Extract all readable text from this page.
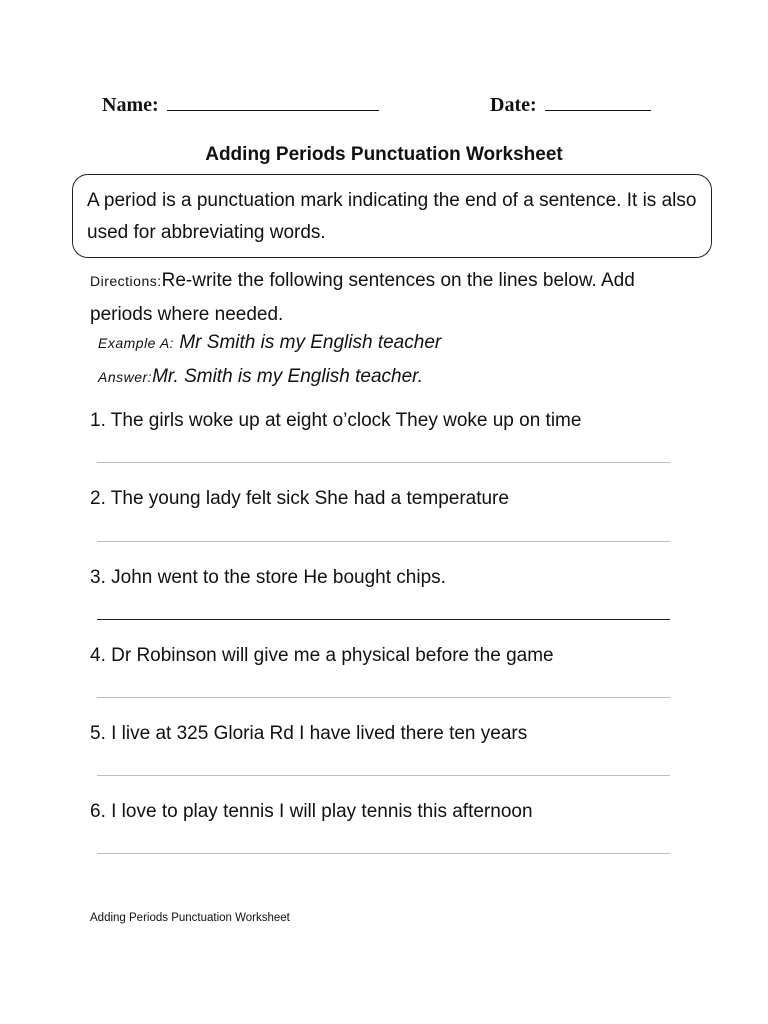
Name:	Date:
Adding Periods Punctuation Worksheet
A period is a punctuation mark indicating the end of a sentence. It is also used for abbreviating words.
Directions:Re-write the following sentences on the lines below. Add periods where needed.
Example A: Mr Smith is my English teacher
Answer:Mr. Smith is my English teacher.
1. The girls woke up at eight o’clock They woke up on time
2. The young lady felt sick She had a temperature
3. John went to the store He bought chips.
4. Dr Robinson will give me a physical before the game
5. I live at 325 Gloria Rd I have lived there ten years
6. I love to play tennis I will play tennis this afternoon
Adding Periods Punctuation Worksheet
